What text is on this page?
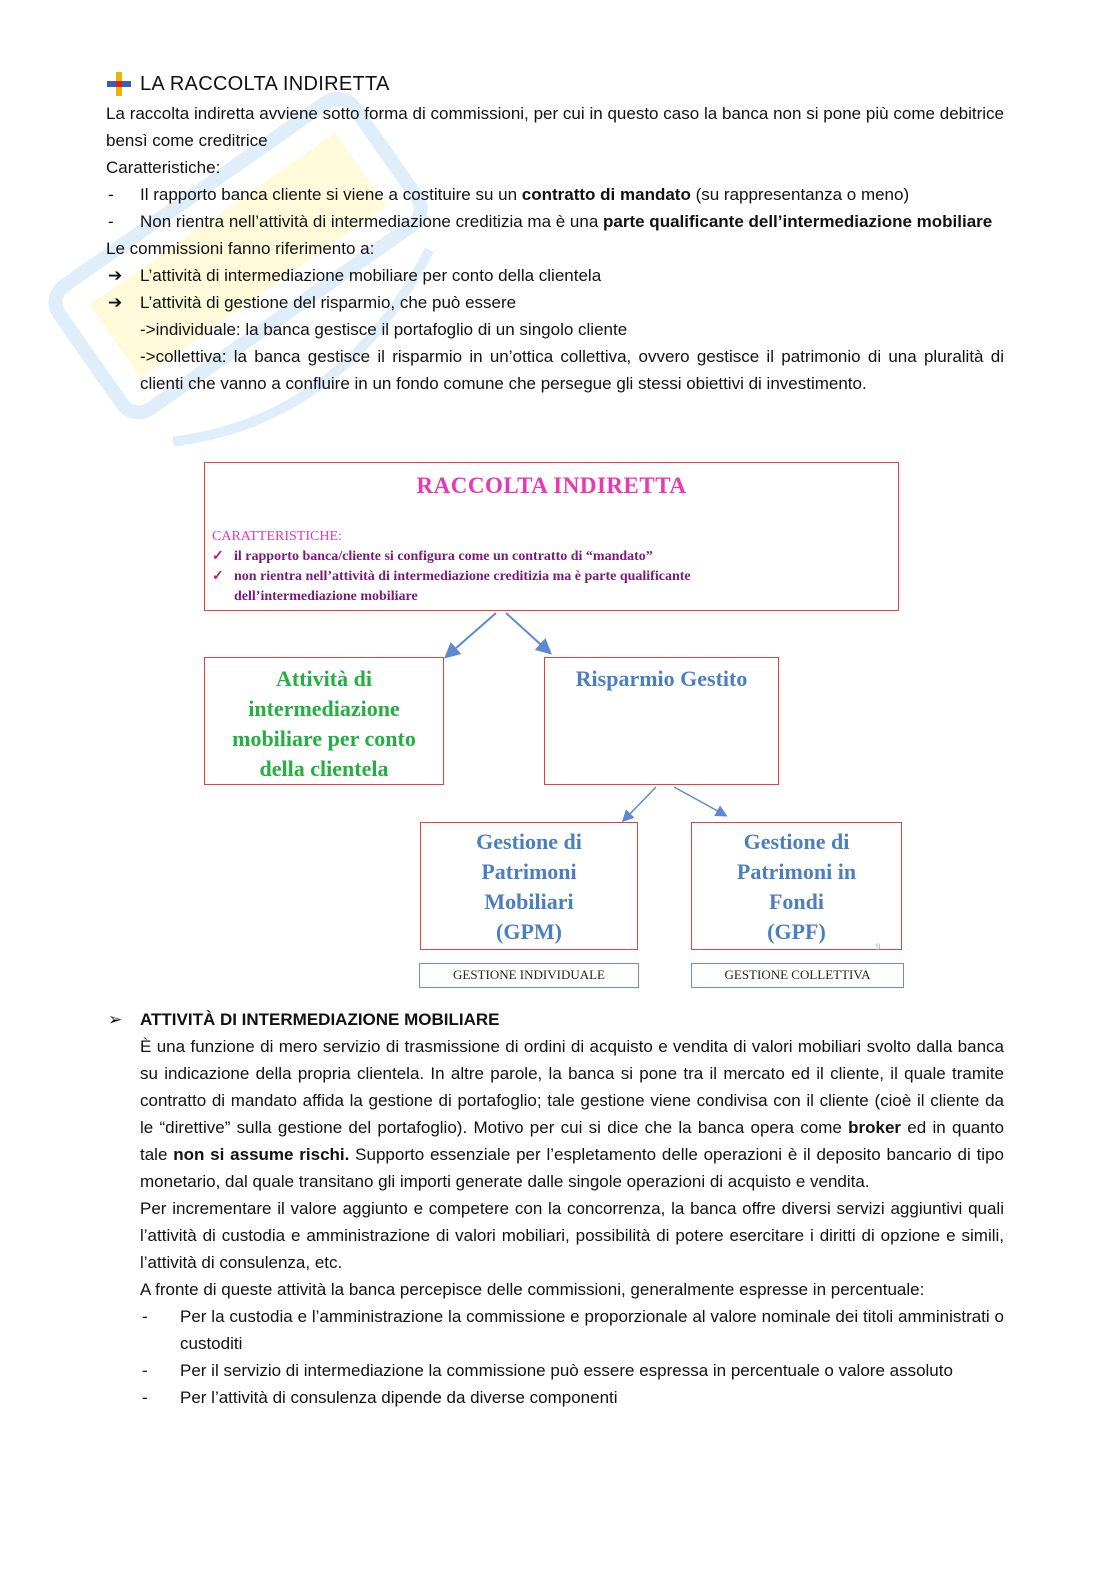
LA RACCOLTA INDIRETTA

La raccolta indiretta avviene sotto forma di commissioni, per cui in questo caso la banca non si pone più come debitrice bensì come creditrice

Caratteristiche:

- Il rapporto banca cliente si viene a costituire su un contratto di mandato (su rappresentanza o meno)
- Non rientra nell’attività di intermediazione creditizia ma è una parte qualificante dell’intermediazione mobiliare

Le commissioni fanno riferimento a:

➔ L’attività di intermediazione mobiliare per conto della clientela
➔ L’attività di gestione del risparmio, che può essere
->individuale: la banca gestisce il portafoglio di un singolo cliente
->collettiva: la banca gestisce il risparmio in un’ottica collettiva, ovvero gestisce il patrimonio di una pluralità di clienti che vanno a confluire in un fondo comune che persegue gli stessi obiettivi di investimento.
RACCOLTA INDIRETTA
CARATTERISTICHE:
✓ il rapporto banca/cliente si configura come un contratto di “mandato”
✓ non rientra nell’attività di intermediazione creditizia ma è parte qualificante
dell’intermediazione mobiliare
Attività di
intermediazione
mobiliare per conto
della clientela
Risparmio Gestito
Gestione di
Patrimoni
Mobiliari
(GPM)
Gestione di
Patrimoni in
Fondi
(GPF)
9
GESTIONE INDIVIDUALE	GESTIONE COLLETTIVA
➢ ATTIVITÀ DI INTERMEDIAZIONE MOBILIARE

È una funzione di mero servizio di trasmissione di ordini di acquisto e vendita di valori mobiliari svolto dalla banca su indicazione della propria clientela. In altre parole, la banca si pone tra il mercato ed il cliente, il quale tramite contratto di mandato affida la gestione di portafoglio; tale gestione viene condivisa con il cliente (cioè il cliente da le “direttive” sulla gestione del portafoglio). Motivo per cui si dice che la banca opera come broker ed in quanto tale non si assume rischi. Supporto essenziale per l’espletamento delle operazioni è il deposito bancario di tipo monetario, dal quale transitano gli importi generate dalle singole operazioni di acquisto e vendita.

Per incrementare il valore aggiunto e competere con la concorrenza, la banca offre diversi servizi aggiuntivi quali l’attività di custodia e amministrazione di valori mobiliari, possibilità di potere esercitare i diritti di opzione e simili, l’attività di consulenza, etc.

A fronte di queste attività la banca percepisce delle commissioni, generalmente espresse in percentuale:

- Per la custodia e l’amministrazione la commissione e proporzionale al valore nominale dei titoli amministrati o custoditi
- Per il servizio di intermediazione la commissione può essere espressa in percentuale o valore assoluto
- Per l’attività di consulenza dipende da diverse componenti
